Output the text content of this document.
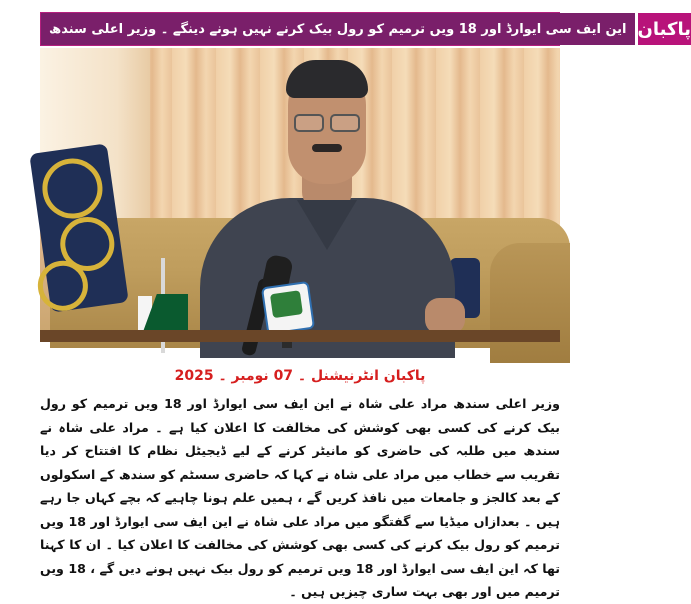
این ایف سی ایوارڈ اور 18 ویں ترمیم کو رول بیک کرنے نہیں ہونے دینگے ۔ وزیر اعلی سندھ پاکبان
پاکبان انٹرنیشنل ۔ 07 نومبر ۔ 2025
وزیر اعلی سندھ مراد علی شاہ نے این ایف سی ایوارڈ اور 18 ویں ترمیم کو رول بیک کرنے کی کسی بھی کوشش کی مخالفت کا اعلان کیا ہے ۔ مراد علی شاہ نے سندھ میں طلبہ کی حاضری کو مانیٹر کرنے کے لیے ڈیجیٹل نظام کا افتتاح کر دیا تقریب سے خطاب میں مراد علی شاہ نے کہا کہ حاضری سسٹم کو سندھ کے اسکولوں کے بعد کالجز و جامعات میں نافذ کریں گے ، ہمیں علم ہونا چاہیے کہ بچے کہاں جا رہے ہیں ۔ بعدازاں میڈیا سے گفتگو میں مراد علی شاہ نے این ایف سی ایوارڈ اور 18 ویں ترمیم کو رول بیک کرنے کی کسی بھی کوشش کی مخالفت کا اعلان کیا ۔ ان کا کہنا تھا کہ این ایف سی ایوارڈ اور 18 ویں ترمیم کو رول بیک نہیں ہونے دیں گے ، 18 ویں ترمیم میں اور بھی بہت ساری چیزیں ہیں ۔
